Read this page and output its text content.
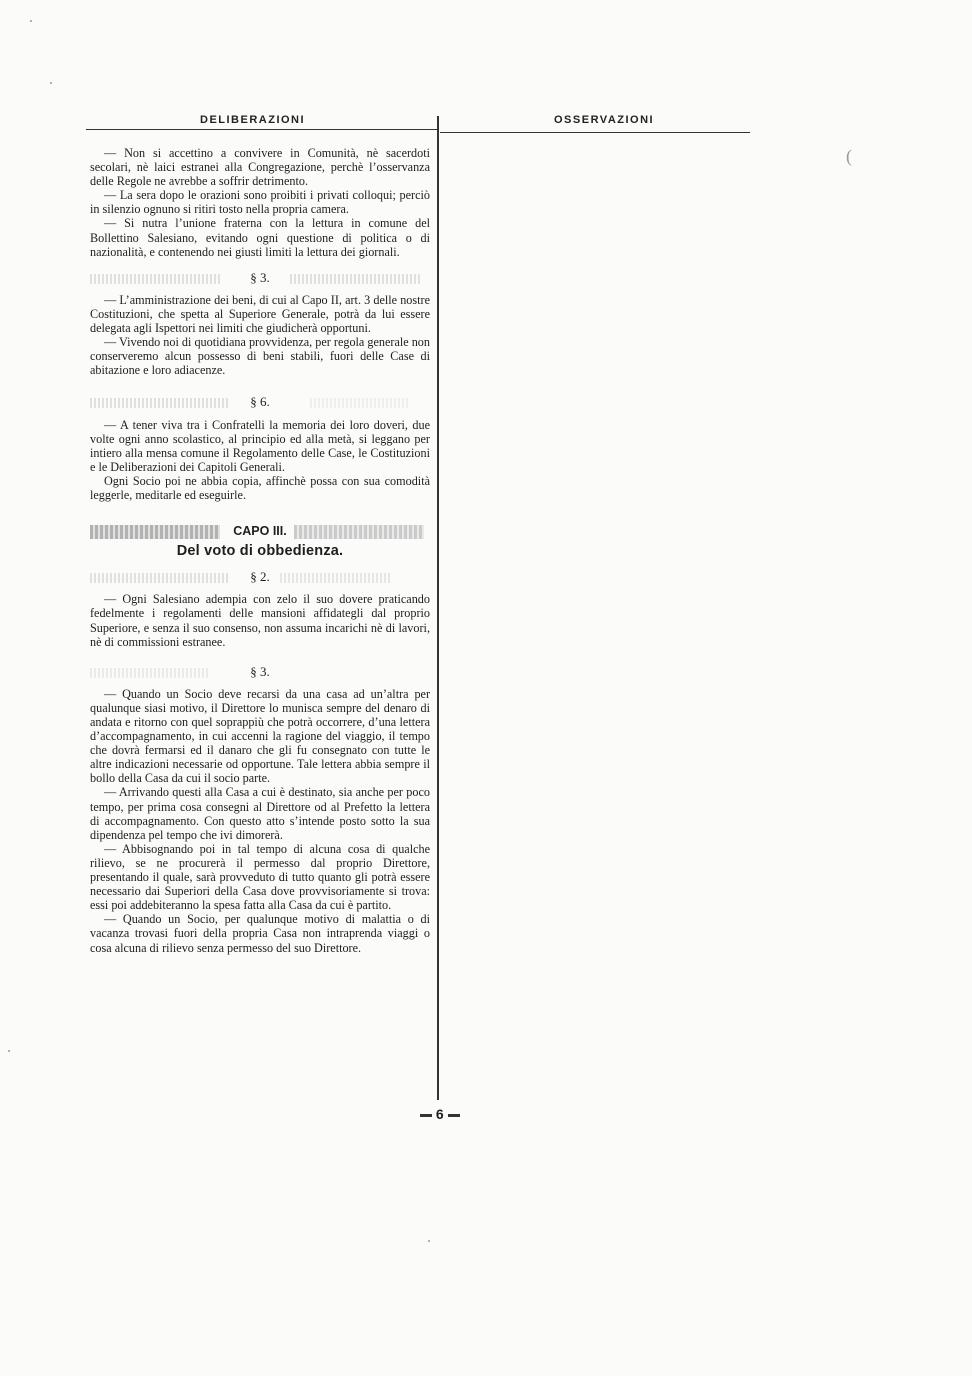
DELIBERAZIONI	OSSERVAZIONI
(

— Non si accettino a convivere in Comunità, nè sacerdoti secolari, nè laici estranei alla Congregazione, perchè l’osservanza delle Regole ne avrebbe a soffrir detrimento.

— La sera dopo le orazioni sono proibiti i privati colloqui; perciò in silenzio ognuno si ritiri tosto nella propria camera.

— Si nutra l’unione fraterna con la lettura in comune del Bollettino Salesiano, evitando ogni questione di politica o di nazionalità, e contenendo nei giusti limiti la lettura dei giornali.

§ 3.

— L’amministrazione dei beni, di cui al Capo II, art. 3 delle nostre Costituzioni, che spetta al Superiore Generale, potrà da lui essere delegata agli Ispettori nei limiti che giudicherà opportuni.

— Vivendo noi di quotidiana provvidenza, per regola generale non conserveremo alcun possesso di beni stabili, fuori delle Case di abitazione e loro adiacenze.

§ 6.

— A tener viva tra i Confratelli la memoria dei loro doveri, due volte ogni anno scolastico, al principio ed alla metà, si leggano per intiero alla mensa comune il Regolamento delle Case, le Costituzioni e le Deliberazioni dei Capitoli Generali.

Ogni Socio poi ne abbia copia, affinchè possa con sua comodità leggerle, meditarle ed eseguirle.

CAPO III.
Del voto di obbedienza.
§ 2.

— Ogni Salesiano adempia con zelo il suo dovere praticando fedelmente i regolamenti delle mansioni affidategli dal proprio Superiore, e senza il suo consenso, non assuma incarichi nè di lavori, nè di commissioni estranee.

§ 3.

— Quando un Socio deve recarsi da una casa ad un’altra per qualunque siasi motivo, il Direttore lo munisca sempre del denaro di andata e ritorno con quel soprappiù che potrà occorrere, d’una lettera d’accompagnamento, in cui accenni la ragione del viaggio, il tempo che dovrà fermarsi ed il danaro che gli fu consegnato con tutte le altre indicazioni necessarie od opportune. Tale lettera abbia sempre il bollo della Casa da cui il socio parte.

— Arrivando questi alla Casa a cui è destinato, sia anche per poco tempo, per prima cosa consegni al Direttore od al Prefetto la lettera di accompagnamento. Con questo atto s’intende posto sotto la sua dipendenza pel tempo che ivi dimorerà.

— Abbisognando poi in tal tempo di alcuna cosa di qualche rilievo, se ne procurerà il permesso dal proprio Direttore, presentando il quale, sarà provveduto di tutto quanto gli potrà essere necessario dai Superiori della Casa dove provvisoriamente si trova: essi poi addebiteranno la spesa fatta alla Casa da cui è partito.

— Quando un Socio, per qualunque motivo di malattia o di vacanza trovasi fuori della propria Casa non intraprenda viaggi o cosa alcuna di rilievo senza permesso del suo Direttore.

6
